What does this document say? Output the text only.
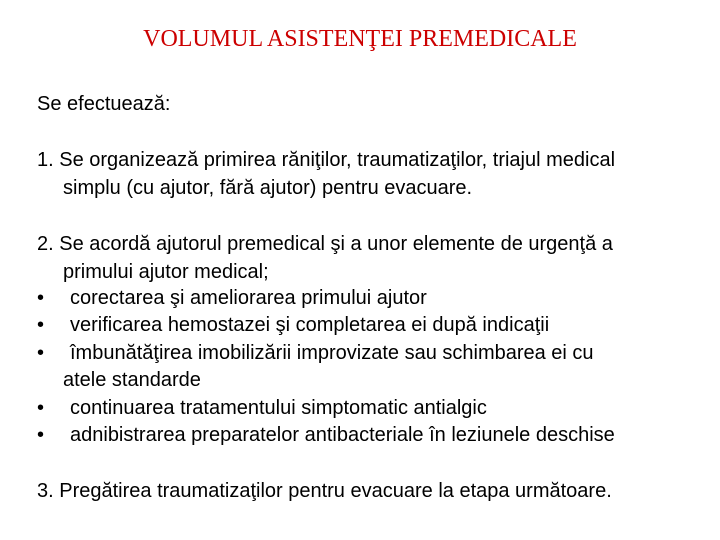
VOLUMUL ASISTENŢEI PREMEDICALE
Se efectuează:
1. Se organizează primirea răniţilor, traumatizaţilor, triajul medical
simplu (cu ajutor, fără ajutor) pentru evacuare.
2. Se acordă ajutorul premedical şi a unor elemente de urgenţă a
primului ajutor medical;
• corectarea şi ameliorarea primului ajutor
• verificarea hemostazei şi completarea ei după indicaţii
• îmbunătăţirea imobilizării improvizate sau schimbarea ei cu
atele standarde
• continuarea tratamentului simptomatic antialgic
• adnibistrarea preparatelor antibacteriale în leziunele deschise
3. Pregătirea traumatizaţilor pentru evacuare la etapa următoare.
